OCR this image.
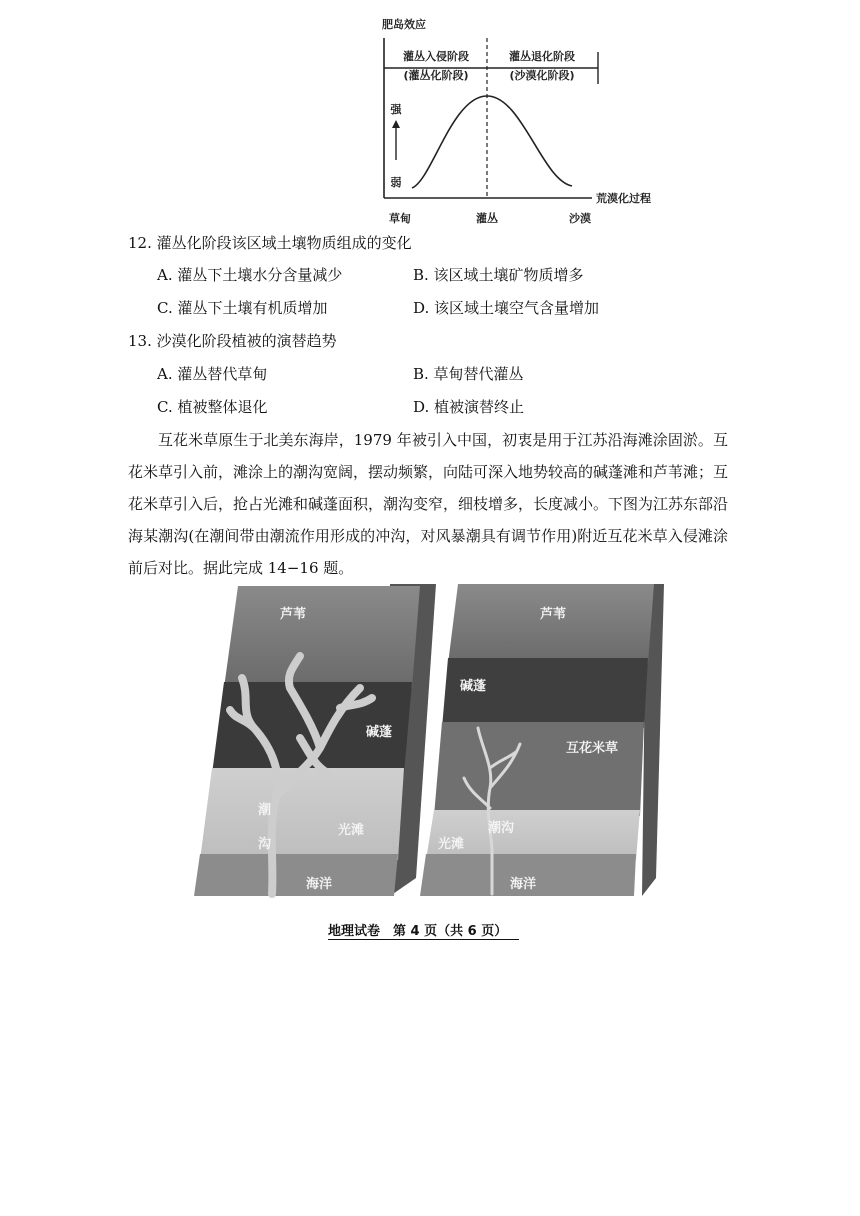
肥岛效应
灌丛入侵阶段
(灌丛化阶段)
灌丛退化阶段
(沙漠化阶段)
强
弱
荒漠化过程
草甸	灌丛	沙漠
12. 灌丛化阶段该区域土壤物质组成的变化
A. 灌丛下土壤水分含量减少	B. 该区域土壤矿物质增多
C. 灌丛下土壤有机质增加	D. 该区域土壤空气含量增加
13. 沙漠化阶段植被的演替趋势
A. 灌丛替代草甸	B. 草甸替代灌丛
C. 植被整体退化	D. 植被演替终止
互花米草原生于北美东海岸，1979 年被引入中国，初衷是用于江苏沿海滩涂固淤。互花米草引入前，滩涂上的潮沟宽阔，摆动频繁，向陆可深入地势较高的碱蓬滩和芦苇滩；互花米草引入后，抢占光滩和碱蓬面积，潮沟变窄，细枝增多，长度减小。下图为江苏东部沿海某潮沟(在潮间带由潮流作用形成的冲沟，对风暴潮具有调节作用)附近互花米草入侵滩涂前后对比。据此完成 14−16 题。
芦苇
碱蓬
潮
沟
光滩
海洋
芦苇
碱蓬
互花米草
光滩
潮沟
海洋
地理试卷　第 4 页（共 6 页）
